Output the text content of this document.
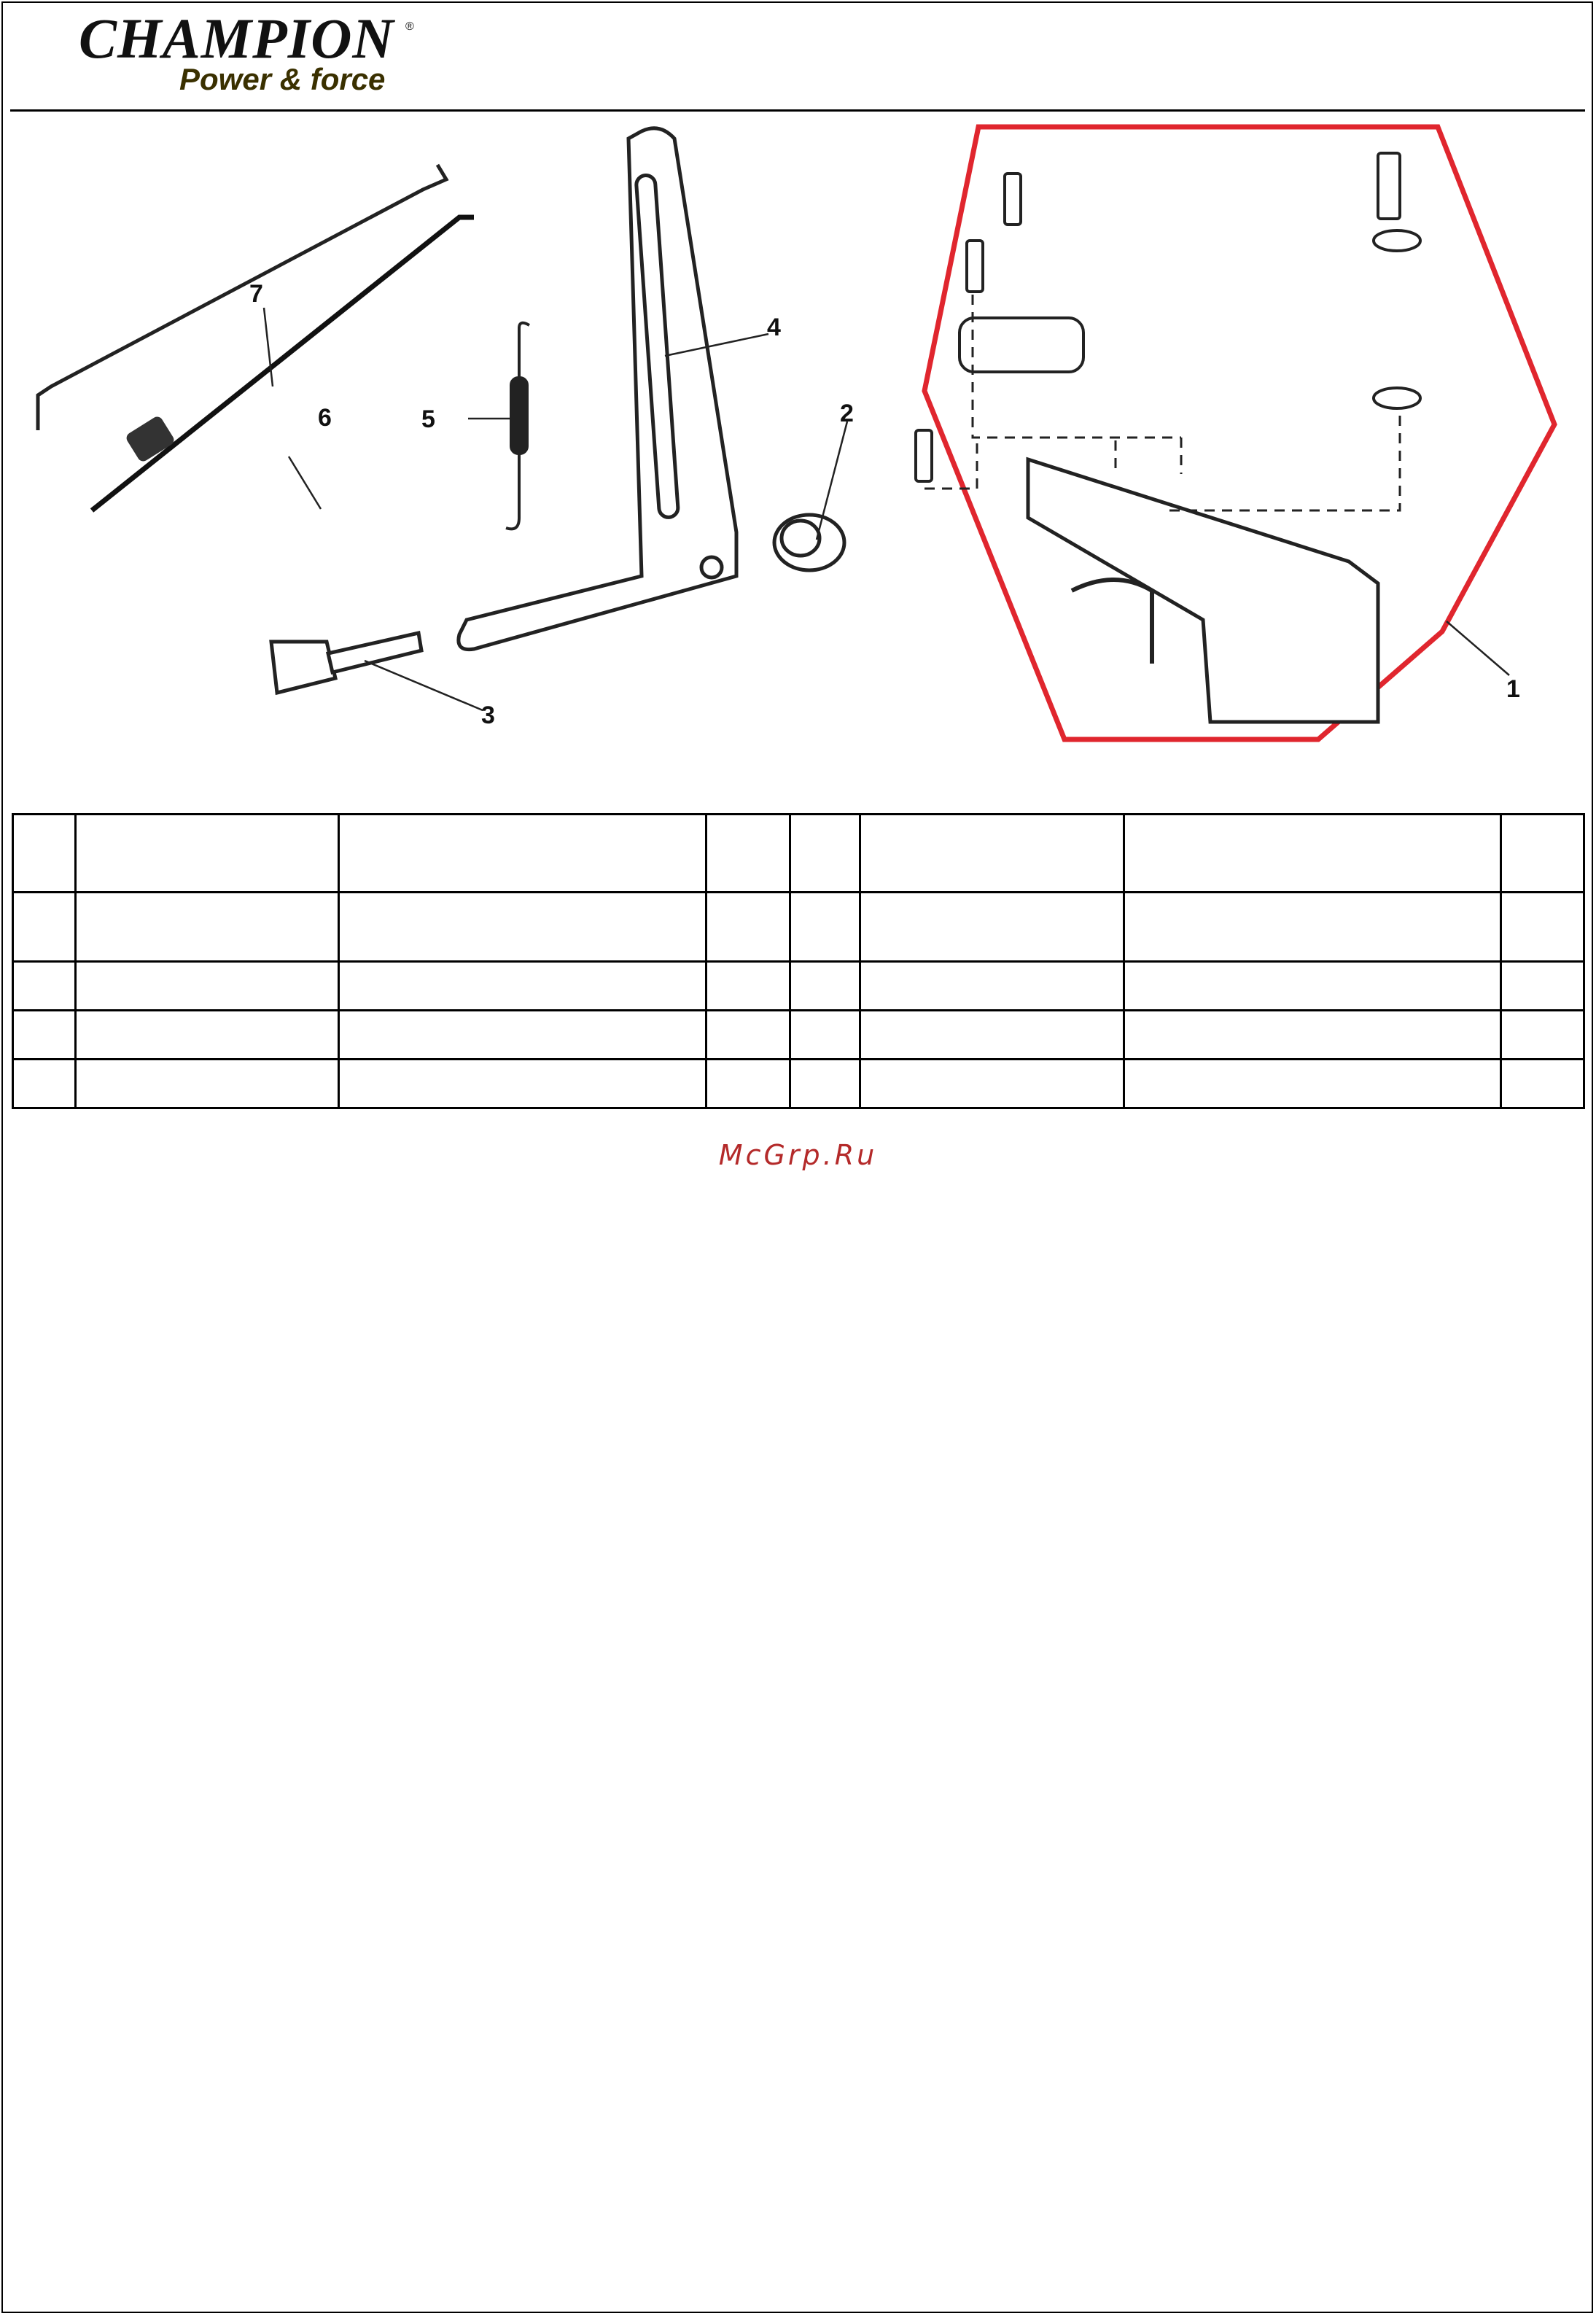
CHAMPION ®
Power & force
1
2
3
4
5
6
7

McGrp.Ru
